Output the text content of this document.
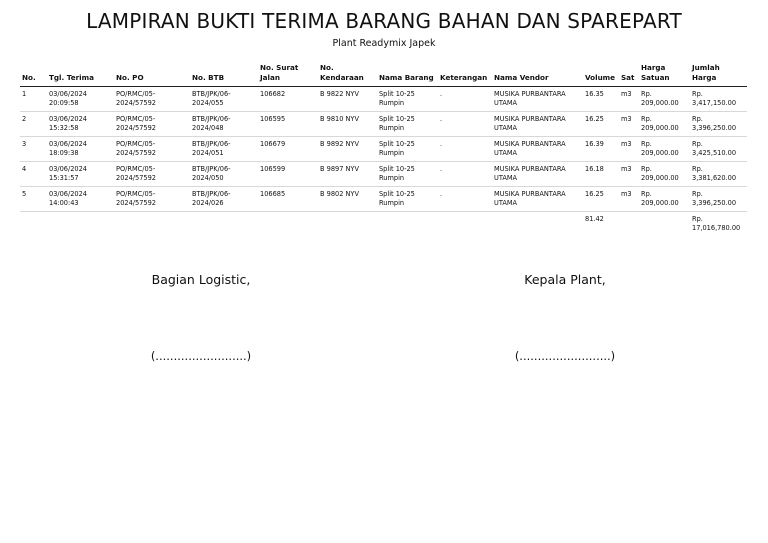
LAMPIRAN BUKTI TERIMA BARANG BAHAN DAN SPAREPART
Plant Readymix Japek
No.	Tgl. Terima	No. PO	No. BTB	No. Surat Jalan	No. Kendaraan	Nama Barang	Keterangan	Nama Vendor	Volume	Sat	Harga Satuan	Jumlah Harga
1	03/06/2024 20:09:58	PO/RMC/05-2024/57592	BTB/JPK/06-2024/055	106682	B 9822 NYV	Split 10-25 Rumpin	.	MUSIKA PURBANTARA UTAMA	16.35	m3	Rp. 209,000.00	Rp. 3,417,150.00
2	03/06/2024 15:32:58	PO/RMC/05-2024/57592	BTB/JPK/06-2024/048	106595	B 9810 NYV	Split 10-25 Rumpin	.	MUSIKA PURBANTARA UTAMA	16.25	m3	Rp. 209,000.00	Rp. 3,396,250.00
3	03/06/2024 18:09:38	PO/RMC/05-2024/57592	BTB/JPK/06-2024/051	106679	B 9892 NYV	Split 10-25 Rumpin	.	MUSIKA PURBANTARA UTAMA	16.39	m3	Rp. 209,000.00	Rp. 3,425,510.00
4	03/06/2024 15:31:57	PO/RMC/05-2024/57592	BTB/JPK/06-2024/050	106599	B 9897 NYV	Split 10-25 Rumpin	.	MUSIKA PURBANTARA UTAMA	16.18	m3	Rp. 209,000.00	Rp. 3,381,620.00
5	03/06/2024 14:00:43	PO/RMC/05-2024/57592	BTB/JPK/06-2024/026	106685	B 9802 NYV	Split 10-25 Rumpin	.	MUSIKA PURBANTARA UTAMA	16.25	m3	Rp. 209,000.00	Rp. 3,396,250.00
									81.42			Rp. 17,016,780.00
Bagian Logistic,	Kepala Plant,
(.........................)	(.........................)
